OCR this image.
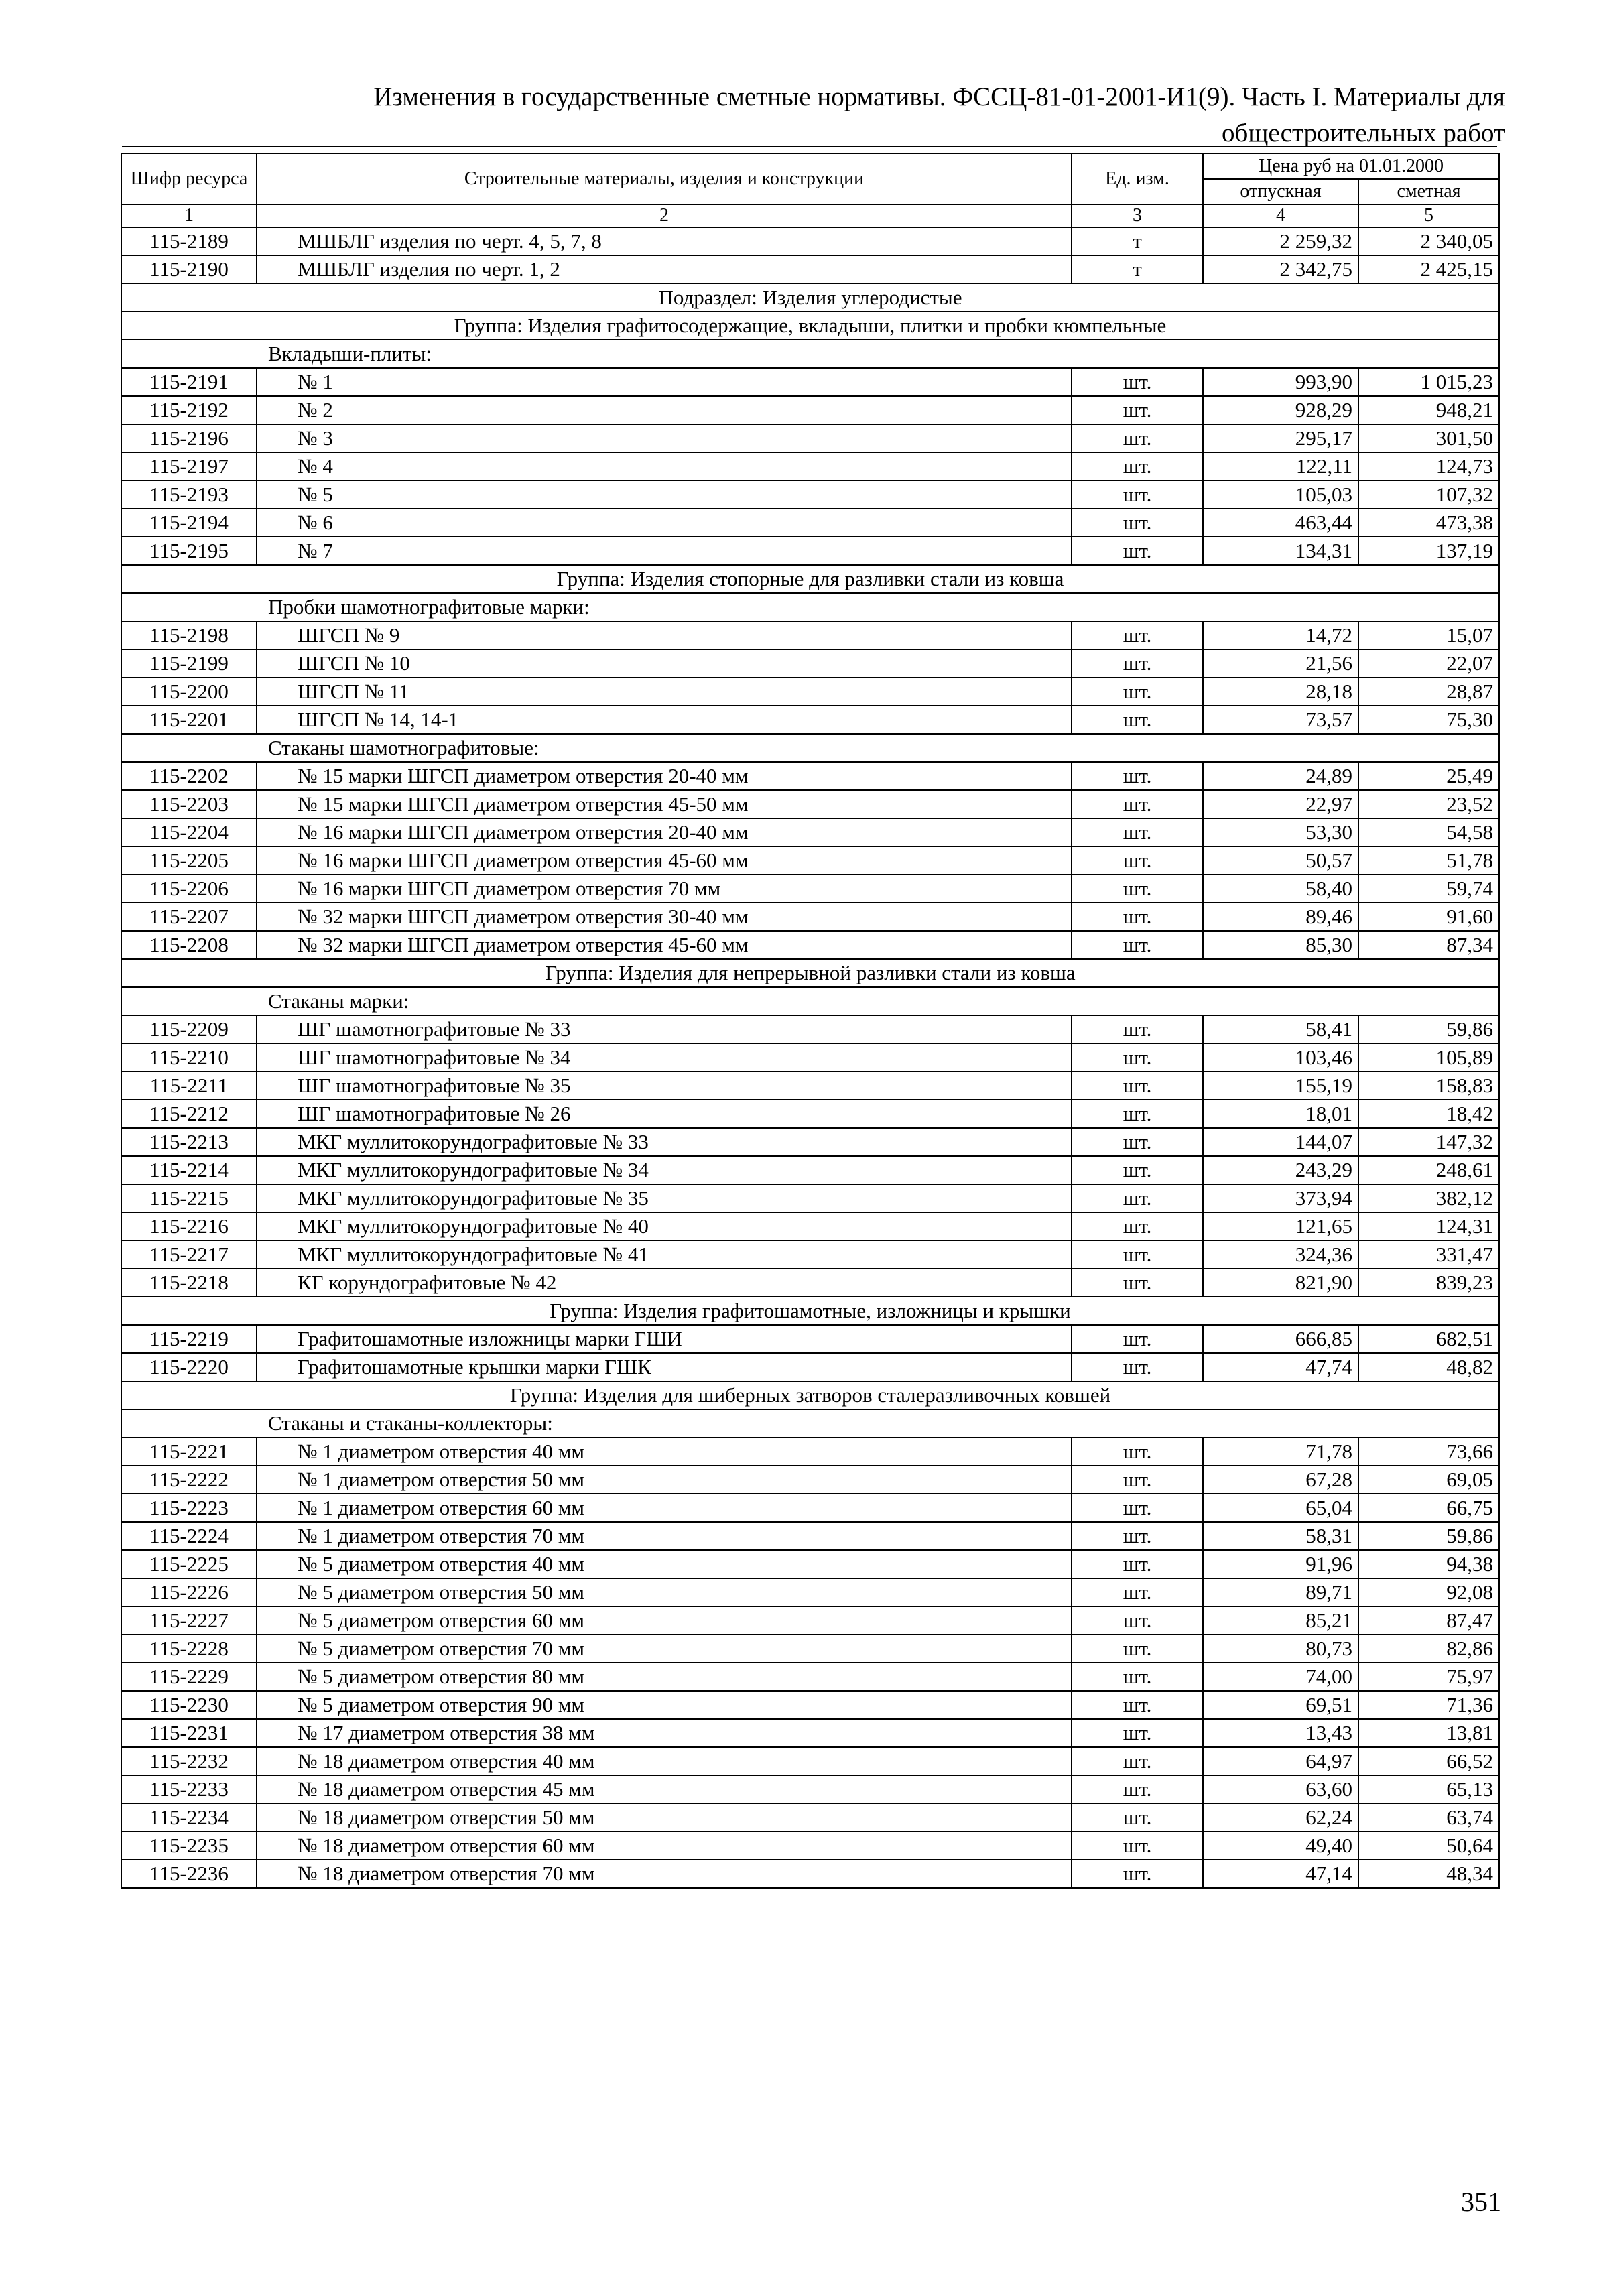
Изменения в государственные сметные нормативы. ФССЦ-81-01-2001-И1(9). Часть I. Материалы для
общестроительных работ
Шифр ресурса	Строительные материалы, изделия и конструкции	Ед. изм.	Цена руб на 01.01.2000	
			отпускная	сметная
1	2	3	4	5
115-2189	МШБЛГ изделия по черт. 4, 5, 7, 8	т	2 259,32	2 340,05
115-2190	МШБЛГ изделия по черт. 1, 2	т	2 342,75	2 425,15
Подраздел: Изделия углеродистые				
Группа: Изделия графитосодержащие, вкладыши, плитки и пробки кюмпельные				
Вкладыши-плиты:				
115-2191	№ 1	шт.	993,90	1 015,23
115-2192	№ 2	шт.	928,29	948,21
115-2196	№ 3	шт.	295,17	301,50
115-2197	№ 4	шт.	122,11	124,73
115-2193	№ 5	шт.	105,03	107,32
115-2194	№ 6	шт.	463,44	473,38
115-2195	№ 7	шт.	134,31	137,19
Группа: Изделия стопорные для разливки стали из ковша				
Пробки шамотнографитовые марки:				
115-2198	ШГСП № 9	шт.	14,72	15,07
115-2199	ШГСП № 10	шт.	21,56	22,07
115-2200	ШГСП № 11	шт.	28,18	28,87
115-2201	ШГСП № 14, 14-1	шт.	73,57	75,30
Стаканы шамотнографитовые:				
115-2202	№ 15 марки ШГСП диаметром отверстия 20-40 мм	шт.	24,89	25,49
115-2203	№ 15 марки ШГСП диаметром отверстия 45-50 мм	шт.	22,97	23,52
115-2204	№ 16 марки ШГСП диаметром отверстия 20-40 мм	шт.	53,30	54,58
115-2205	№ 16 марки ШГСП диаметром отверстия 45-60 мм	шт.	50,57	51,78
115-2206	№ 16 марки ШГСП диаметром отверстия 70 мм	шт.	58,40	59,74
115-2207	№ 32 марки ШГСП диаметром отверстия 30-40 мм	шт.	89,46	91,60
115-2208	№ 32 марки ШГСП диаметром отверстия 45-60 мм	шт.	85,30	87,34
Группа: Изделия для непрерывной разливки стали из ковша				
Стаканы марки:				
115-2209	ШГ шамотнографитовые № 33	шт.	58,41	59,86
115-2210	ШГ шамотнографитовые № 34	шт.	103,46	105,89
115-2211	ШГ шамотнографитовые № 35	шт.	155,19	158,83
115-2212	ШГ шамотнографитовые № 26	шт.	18,01	18,42
115-2213	МКГ муллитокорундографитовые № 33	шт.	144,07	147,32
115-2214	МКГ муллитокорундографитовые № 34	шт.	243,29	248,61
115-2215	МКГ муллитокорундографитовые № 35	шт.	373,94	382,12
115-2216	МКГ муллитокорундографитовые № 40	шт.	121,65	124,31
115-2217	МКГ муллитокорундографитовые № 41	шт.	324,36	331,47
115-2218	КГ корундографитовые № 42	шт.	821,90	839,23
Группа: Изделия графитошамотные, изложницы и крышки				
115-2219	Графитошамотные изложницы марки ГШИ	шт.	666,85	682,51
115-2220	Графитошамотные крышки марки ГШК	шт.	47,74	48,82
Группа: Изделия для шиберных затворов сталеразливочных ковшей				
Стаканы и стаканы-коллекторы:				
115-2221	№ 1 диаметром отверстия 40 мм	шт.	71,78	73,66
115-2222	№ 1 диаметром отверстия 50 мм	шт.	67,28	69,05
115-2223	№ 1 диаметром отверстия 60 мм	шт.	65,04	66,75
115-2224	№ 1 диаметром отверстия 70 мм	шт.	58,31	59,86
115-2225	№ 5 диаметром отверстия 40 мм	шт.	91,96	94,38
115-2226	№ 5 диаметром отверстия 50 мм	шт.	89,71	92,08
115-2227	№ 5 диаметром отверстия 60 мм	шт.	85,21	87,47
115-2228	№ 5 диаметром отверстия 70 мм	шт.	80,73	82,86
115-2229	№ 5 диаметром отверстия 80 мм	шт.	74,00	75,97
115-2230	№ 5 диаметром отверстия 90 мм	шт.	69,51	71,36
115-2231	№ 17 диаметром отверстия 38 мм	шт.	13,43	13,81
115-2232	№ 18 диаметром отверстия 40 мм	шт.	64,97	66,52
115-2233	№ 18 диаметром отверстия 45 мм	шт.	63,60	65,13
115-2234	№ 18 диаметром отверстия 50 мм	шт.	62,24	63,74
115-2235	№ 18 диаметром отверстия 60 мм	шт.	49,40	50,64
115-2236	№ 18 диаметром отверстия 70 мм	шт.	47,14	48,34
351
